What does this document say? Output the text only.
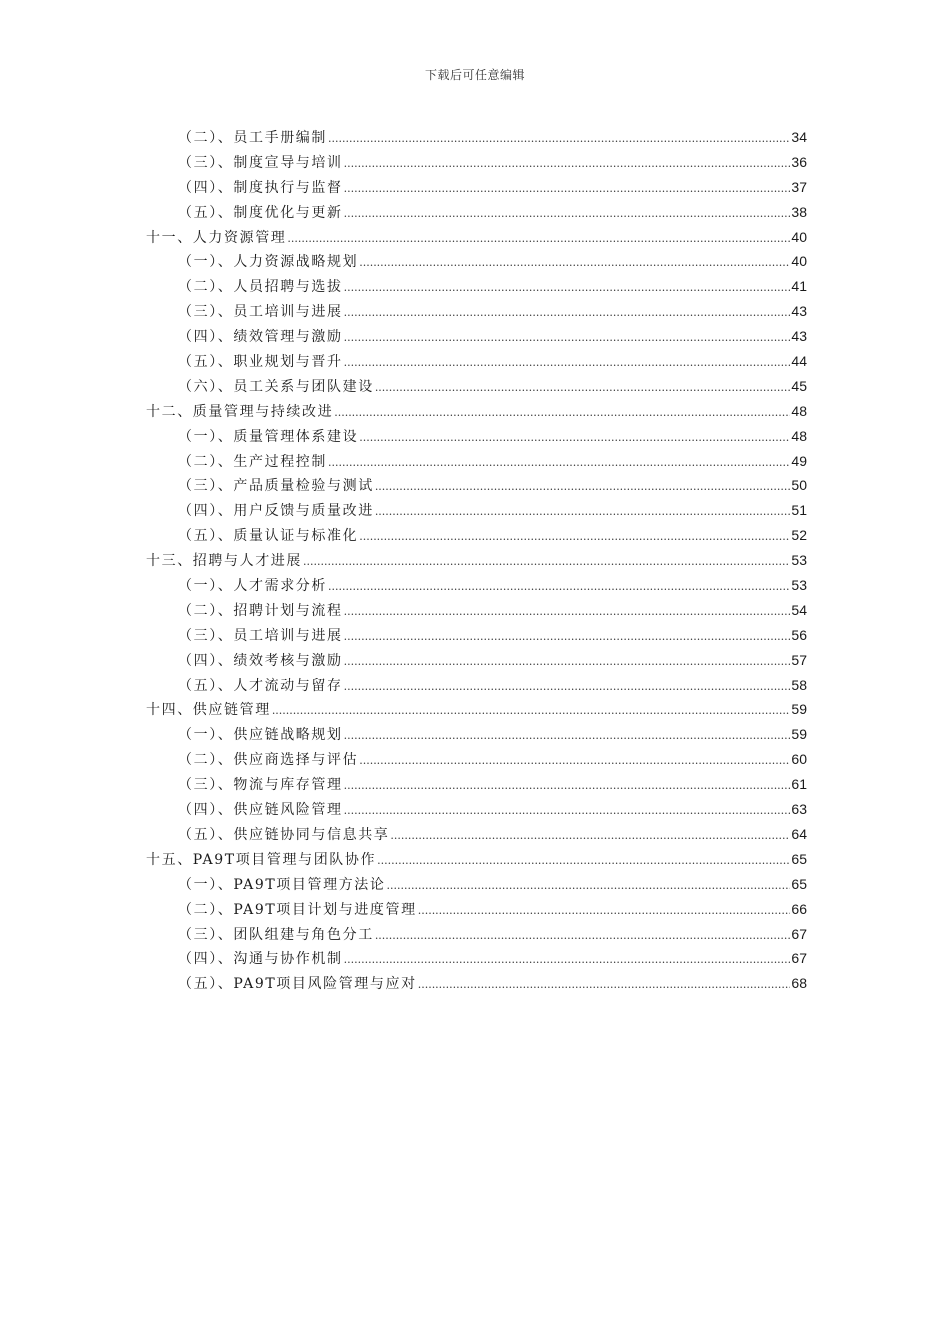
下载后可任意编辑
（二）、员工手册编制 .....	34
（三）、制度宣导与培训 .....	36
（四）、制度执行与监督 .....	37
（五）、制度优化与更新 .....	38
十一、人力资源管理 .....	40
（一）、人力资源战略规划 .....	40
（二）、人员招聘与选拔 .....	41
（三）、员工培训与进展 .....	43
（四）、绩效管理与激励 .....	43
（五）、职业规划与晋升 .....	44
（六）、员工关系与团队建设 .....	45
十二、质量管理与持续改进 .....	48
（一）、质量管理体系建设 .....	48
（二）、生产过程控制 .....	49
（三）、产品质量检验与测试 .....	50
（四）、用户反馈与质量改进 .....	51
（五）、质量认证与标准化 .....	52
十三、招聘与人才进展 .....	53
（一）、人才需求分析 .....	53
（二）、招聘计划与流程 .....	54
（三）、员工培训与进展 .....	56
（四）、绩效考核与激励 .....	57
（五）、人才流动与留存 .....	58
十四、供应链管理 .....	59
（一）、供应链战略规划 .....	59
（二）、供应商选择与评估 .....	60
（三）、物流与库存管理 .....	61
（四）、供应链风险管理 .....	63
（五）、供应链协同与信息共享 .....	64
十五、PA9T项目管理与团队协作 .....	65
（一）、PA9T项目管理方法论 .....	65
（二）、PA9T项目计划与进度管理 .....	66
（三）、团队组建与角色分工 .....	67
（四）、沟通与协作机制 .....	67
（五）、PA9T项目风险管理与应对 .....	68
